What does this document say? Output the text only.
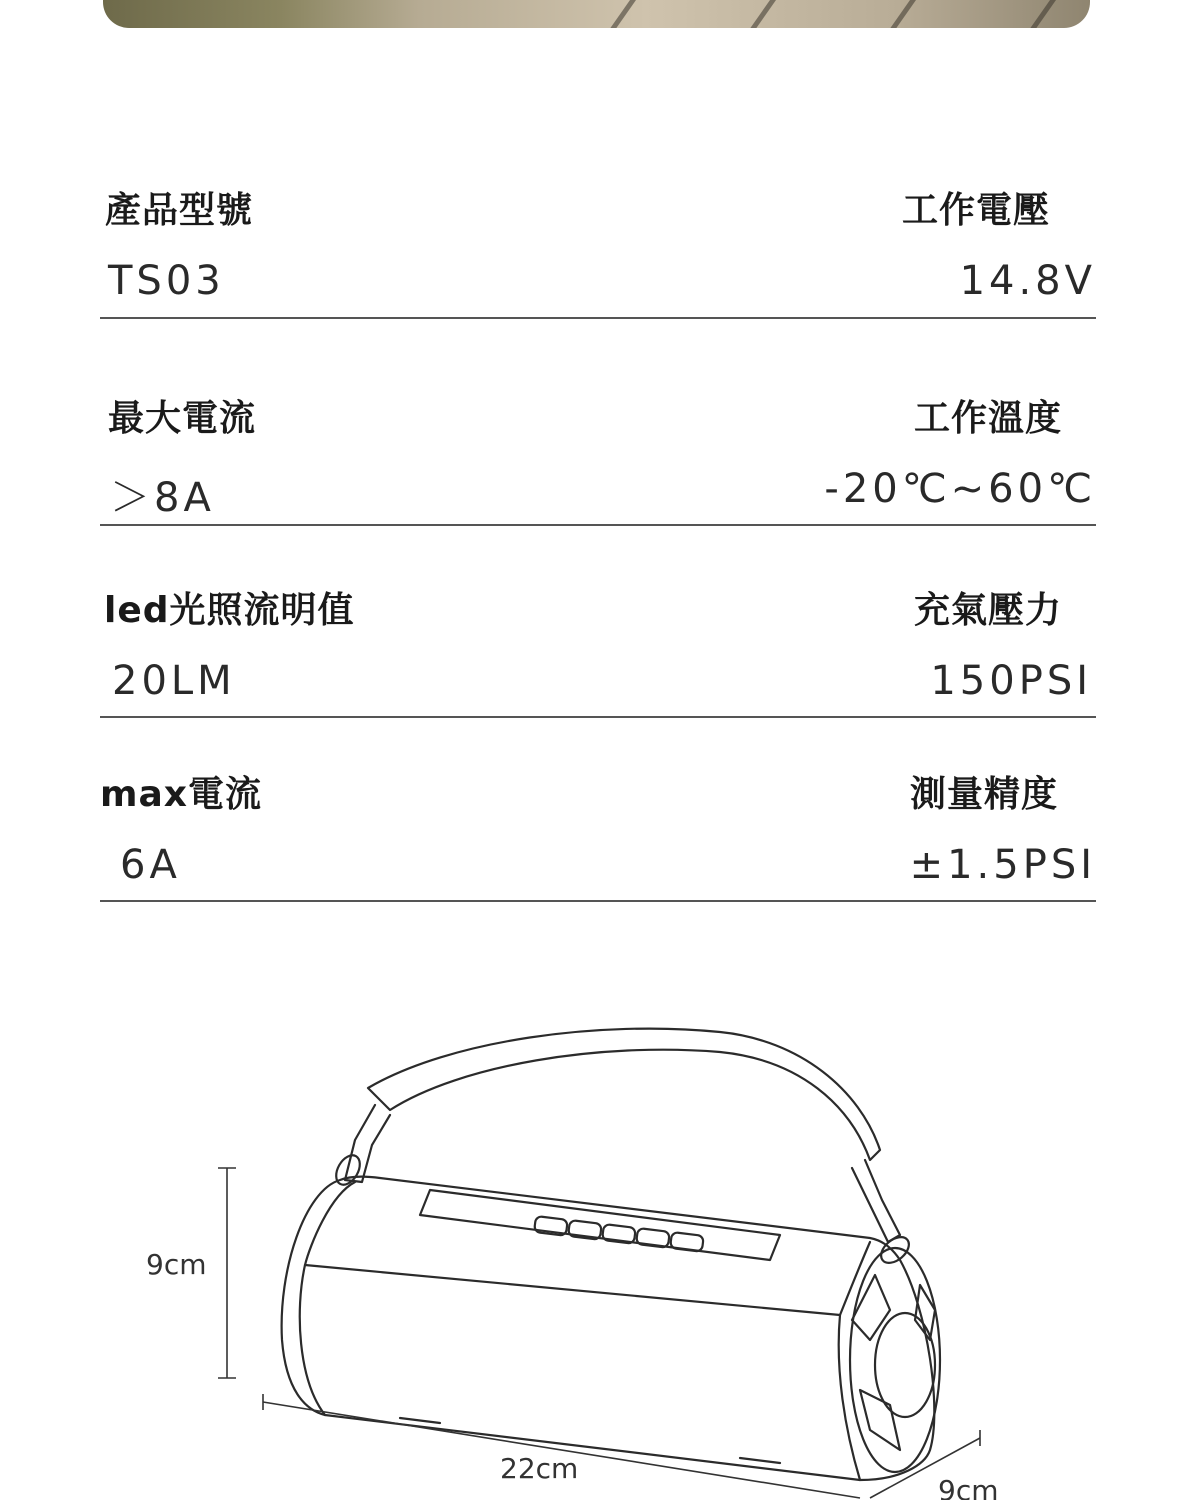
產品型號	工作電壓
TS03	14.8V
最大電流	工作溫度
＞8A	-20℃~60℃
led光照流明值	充氣壓力
20LM	150PSI
max電流	測量精度
6A	±1.5PSI
9cm
22cm
9cm
